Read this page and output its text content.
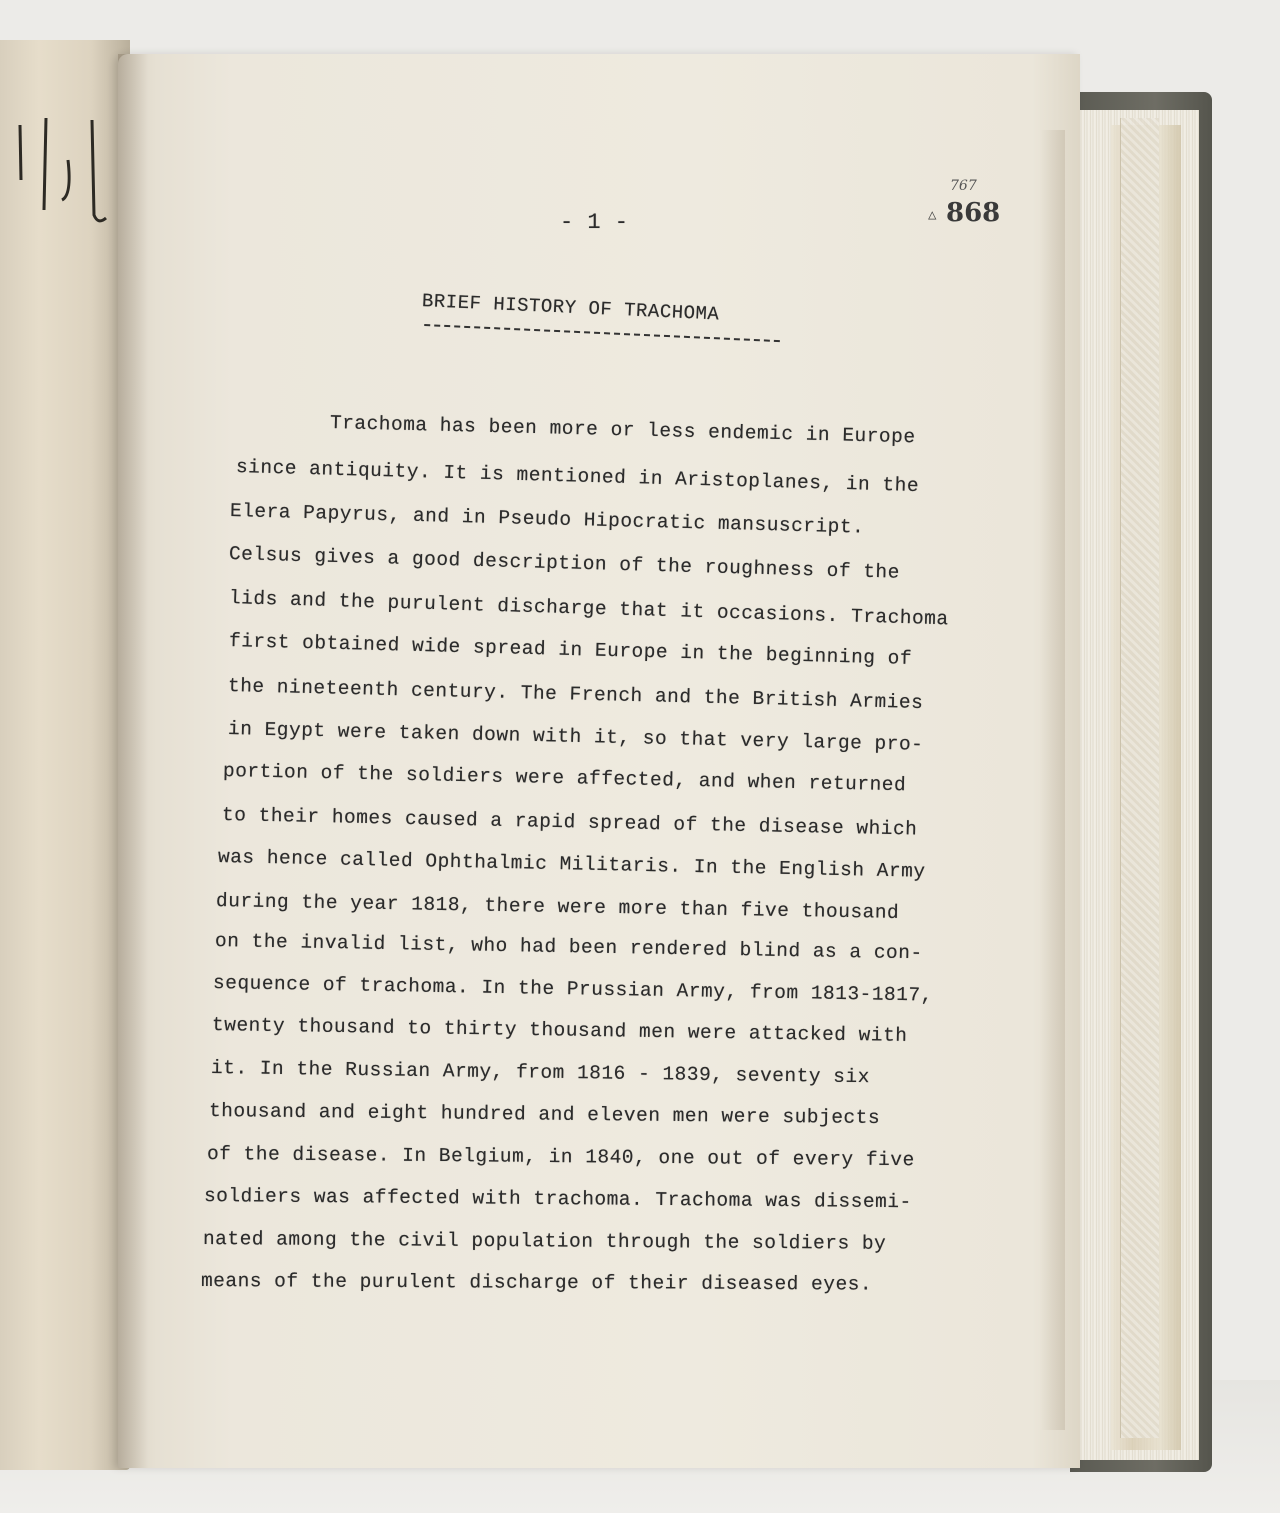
- 1 -
767
△ 868
BRIEF HISTORY OF TRACHOMA
Trachoma has been more or less endemic in Europe
since antiquity. It is mentioned in Aristoplanes, in the
Elera Papyrus, and in Pseudo Hipocratic mansuscript.
Celsus gives a good description of the roughness of the
lids and the purulent discharge that it occasions. Trachoma
first obtained wide spread in Europe in the beginning of
the nineteenth century. The French and the British Armies
in Egypt were taken down with it, so that very large pro-
portion of the soldiers were affected, and when returned
to their homes caused a rapid spread of the disease which
was hence called Ophthalmic Militaris. In the English Army
during the year 1818, there were more than five thousand
on the invalid list, who had been rendered blind as a con-
sequence of trachoma. In the Prussian Army, from 1813-1817,
twenty thousand to thirty thousand men were attacked with
it. In the Russian Army, from 1816 - 1839, seventy six
thousand and eight hundred and eleven men were subjects
of the disease. In Belgium, in 1840, one out of every five
soldiers was affected with trachoma. Trachoma was dissemi-
nated among the civil population through the soldiers by
means of the purulent discharge of their diseased eyes.
